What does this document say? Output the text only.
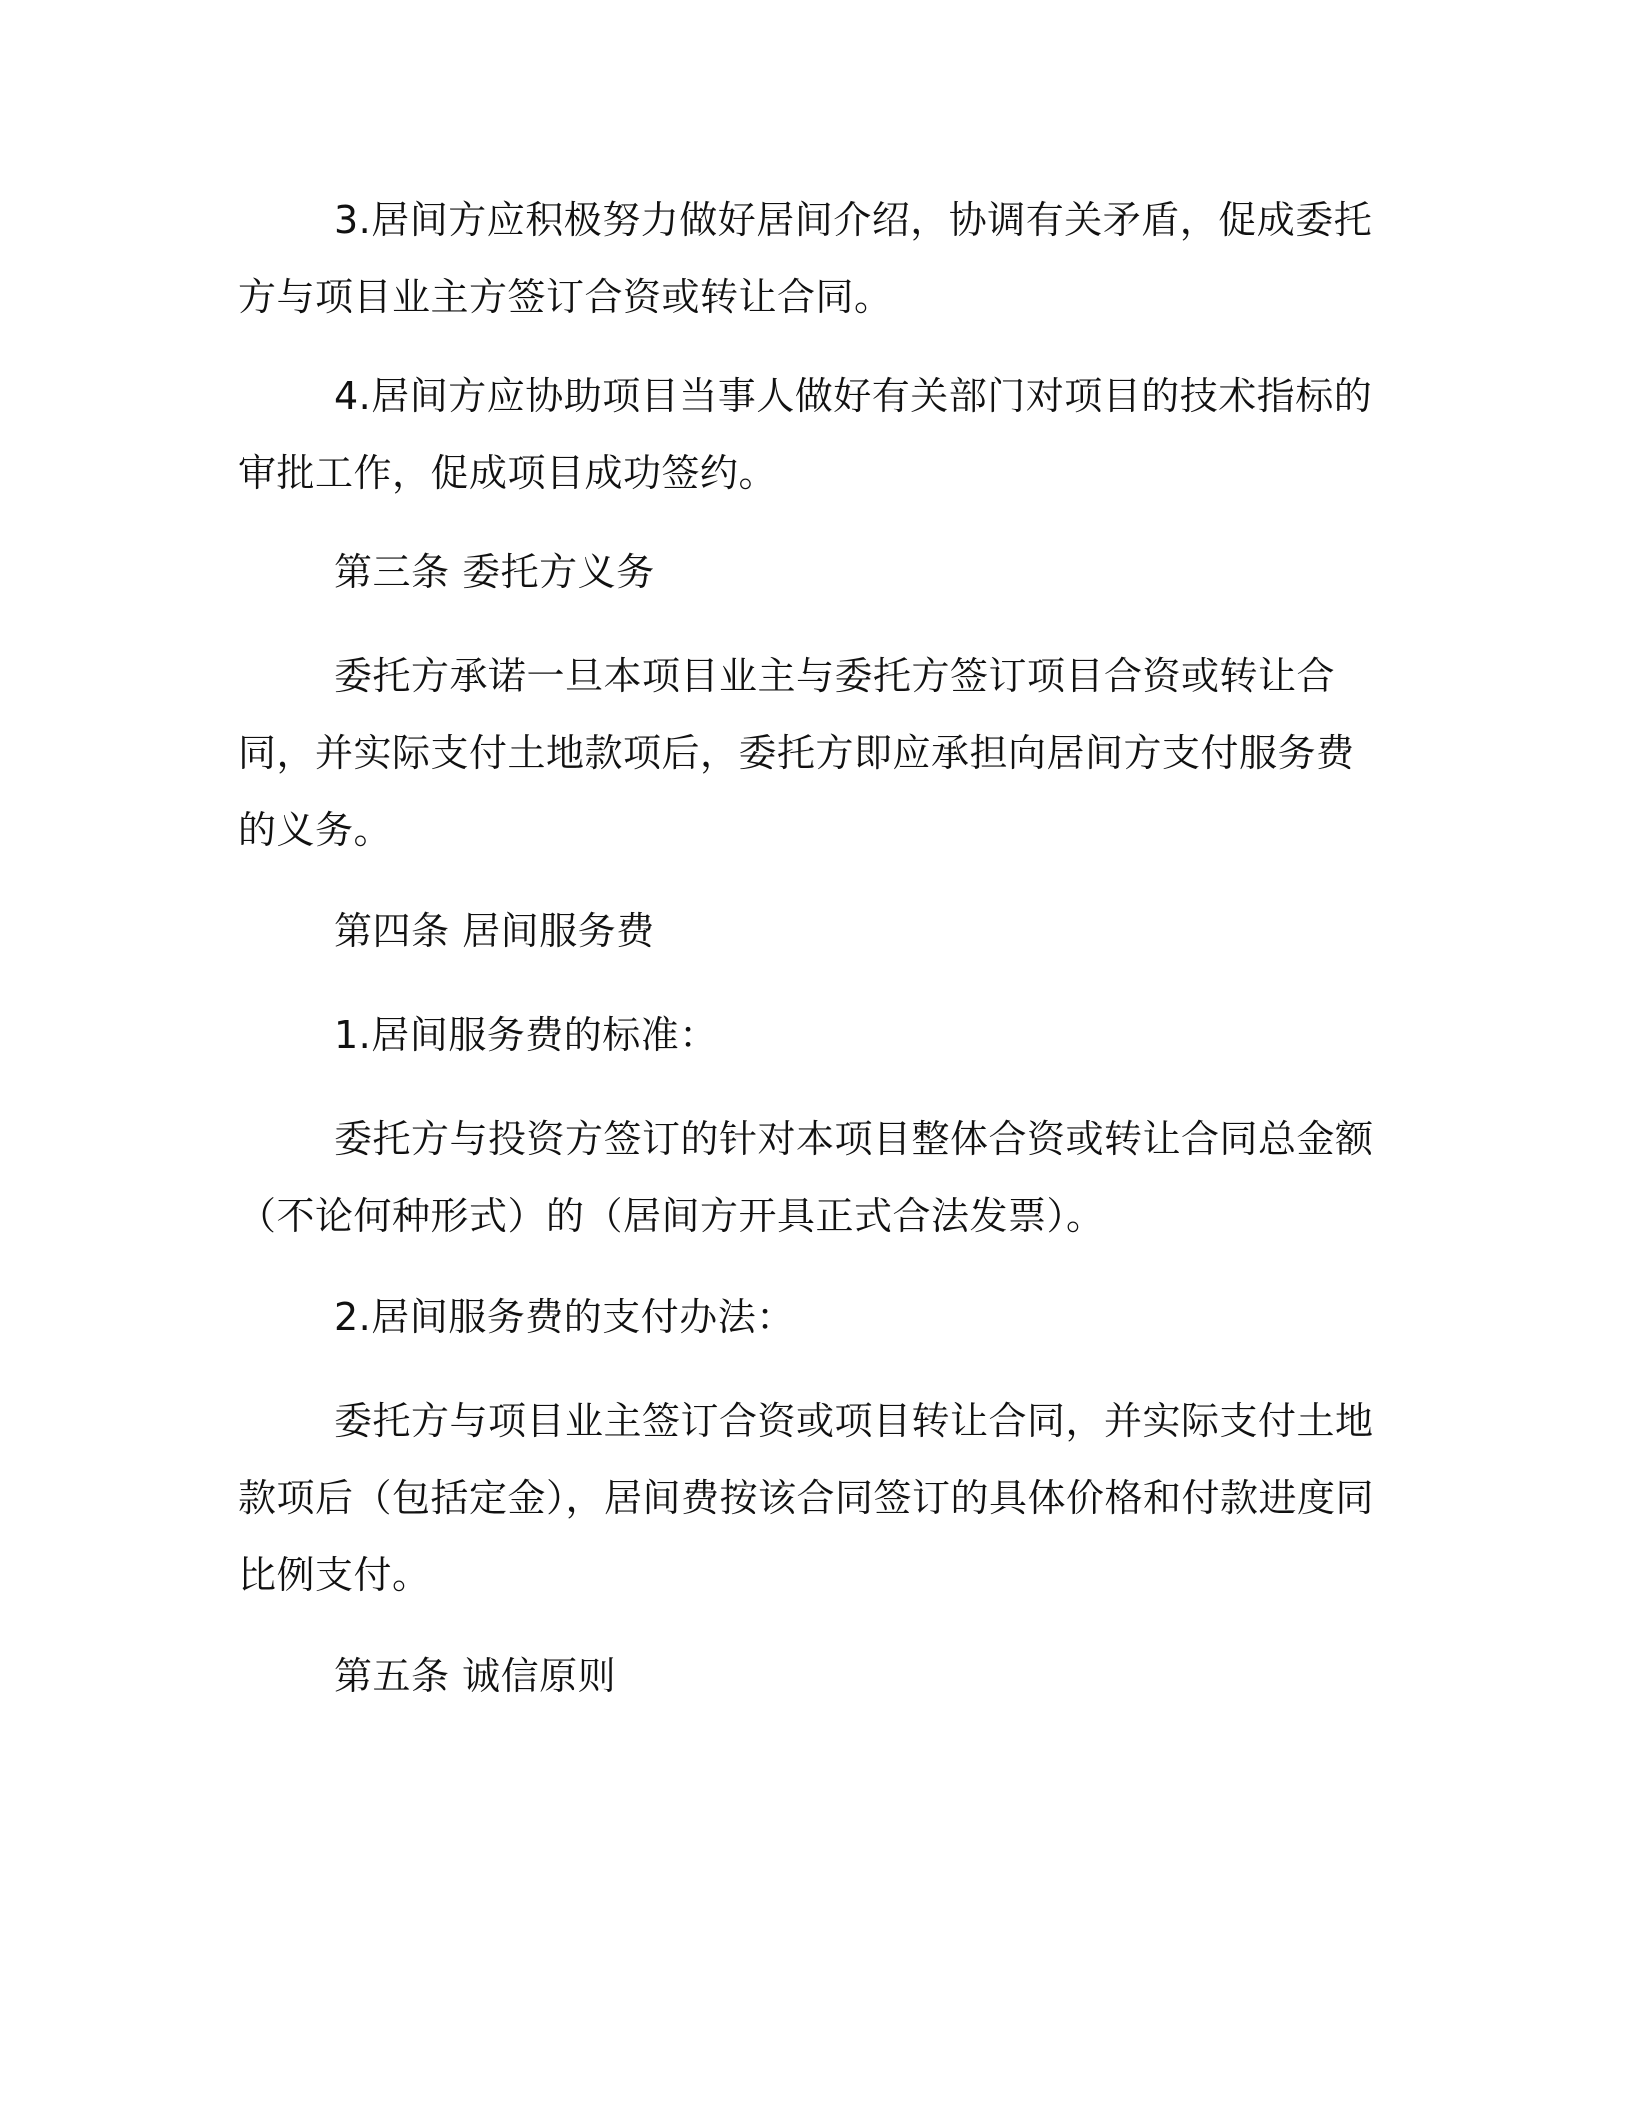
3.居间方应积极努力做好居间介绍，协调有关矛盾，促成委托方与项目业主方签订合资或转让合同。

4.居间方应协助项目当事人做好有关部门对项目的技术指标的审批工作，促成项目成功签约。

第三条 委托方义务

委托方承诺一旦本项目业主与委托方签订项目合资或转让合同，并实际支付土地款项后，委托方即应承担向居间方支付服务费的义务。

第四条 居间服务费

1.居间服务费的标准：

委托方与投资方签订的针对本项目整体合资或转让合同总金额（不论何种形式）的（居间方开具正式合法发票）。

2.居间服务费的支付办法：

委托方与项目业主签订合资或项目转让合同，并实际支付土地款项后（包括定金），居间费按该合同签订的具体价格和付款进度同比例支付。

第五条 诚信原则
